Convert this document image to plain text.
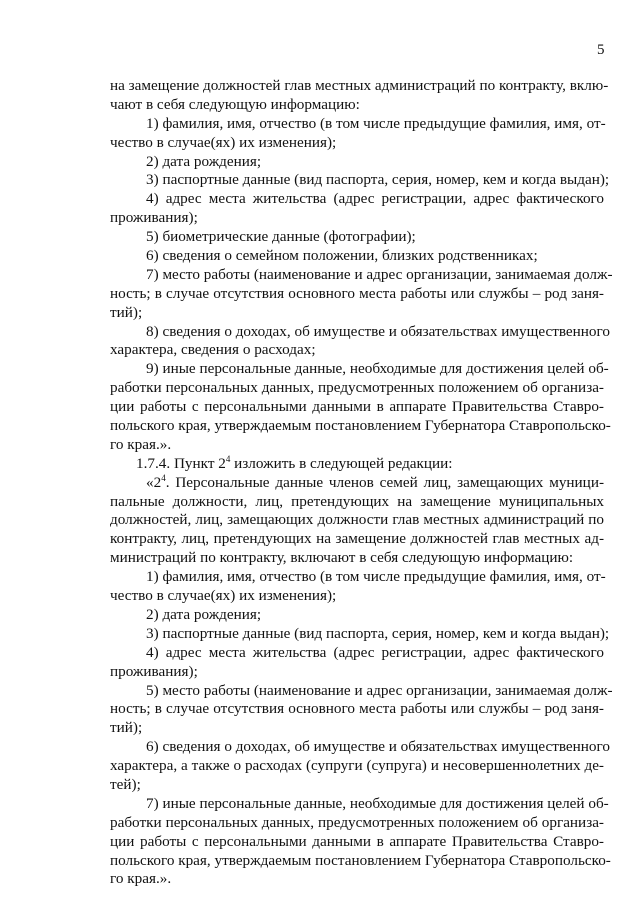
5
на замещение должностей глав местных администраций по контракту, вклю-
чают в себя следующую информацию:
1) фамилия, имя, отчество (в том числе предыдущие фамилия, имя, от-
чество в случае(ях) их изменения);
2) дата рождения;
3) паспортные данные (вид паспорта, серия, номер, кем и когда выдан);
4) адрес места жительства (адрес регистрации, адрес фактического
проживания);
5) биометрические данные (фотографии);
6) сведения о семейном положении, близких родственниках;
7) место работы (наименование и адрес организации, занимаемая долж-
ность; в случае отсутствия основного места работы или службы – род заня-
тий);
8) сведения о доходах, об имуществе и обязательствах имущественного
характера, сведения о расходах;
9) иные персональные данные, необходимые для достижения целей об-
работки персональных данных, предусмотренных положением об организа-
ции работы с персональными данными в аппарате Правительства Ставро-
польского края, утверждаемым постановлением Губернатора Ставропольско-
го края.».
1.7.4. Пункт $2^4$ изложить в следующей редакции:
«$2^4$. Персональные данные членов семей лиц, замещающих муници-
пальные должности, лиц, претендующих на замещение муниципальных
должностей, лиц, замещающих должности глав местных администраций по
контракту, лиц, претендующих на замещение должностей глав местных ад-
министраций по контракту, включают в себя следующую информацию:
1) фамилия, имя, отчество (в том числе предыдущие фамилия, имя, от-
чество в случае(ях) их изменения);
2) дата рождения;
3) паспортные данные (вид паспорта, серия, номер, кем и когда выдан);
4) адрес места жительства (адрес регистрации, адрес фактического
проживания);
5) место работы (наименование и адрес организации, занимаемая долж-
ность; в случае отсутствия основного места работы или службы – род заня-
тий);
6) сведения о доходах, об имуществе и обязательствах имущественного
характера, а также о расходах (супруги (супруга) и несовершеннолетних де-
тей);
7) иные персональные данные, необходимые для достижения целей об-
работки персональных данных, предусмотренных положением об организа-
ции работы с персональными данными в аппарате Правительства Ставро-
польского края, утверждаемым постановлением Губернатора Ставропольско-
го края.».
